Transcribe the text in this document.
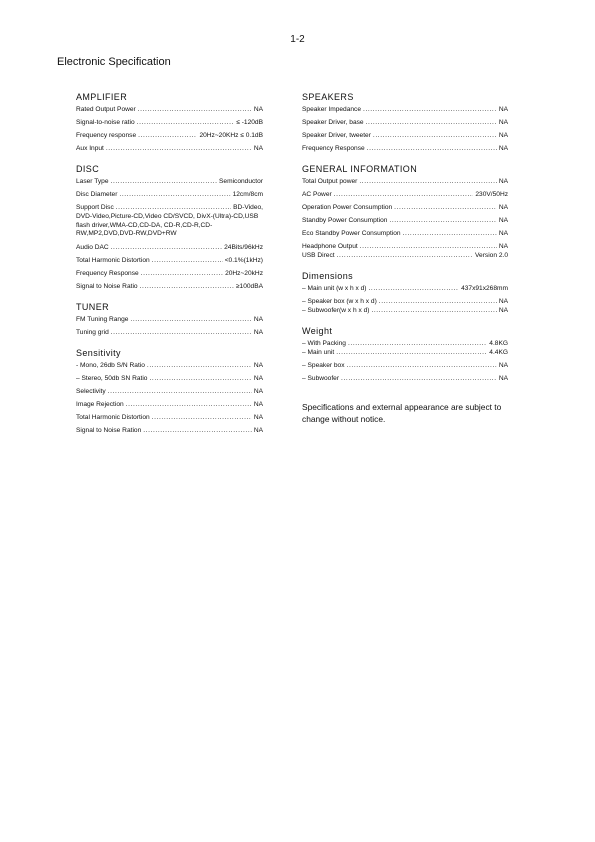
1-2
Electronic Specification
AMPLIFIER
Rated Output Power .....	NA
Signal-to-noise ratio .....	≤ -120dB
Frequency response .....	20Hz~20KHz ≤ 0.1dB
Aux Input .....	NA
DISC
Laser Type .....	Semiconductor
Disc Diameter .....	12cm/8cm
Support Disc .....	BD-Video,
DVD-Video,Picture-CD,Video CD/SVCD, DivX-(Ultra)-CD,USB flash driver,WMA-CD,CD-DA, CD-R,CD-R,CD-RW,MP2,DVD,DVD-RW,DVD+RW
Audio DAC .....	24Bits/96kHz
Total Harmonic Distortion .....	<0.1%(1kHz)
Frequency Response .....	20Hz~20kHz
Signal to Noise Ratio .....	≥100dBA
TUNER
FM Tuning Range .....	NA
Tuning grid .....	NA
Sensitivity
- Mono, 26db S/N Ratio .....	NA
– Stereo, 50db SN Ratio .....	NA
Selectivity .....	NA
Image Rejection .....	NA
Total Harmonic Distortion .....	NA
Signal to Noise Ration .....	NA
SPEAKERS
Speaker Impedance .....	NA
Speaker Driver, base .....	NA
Speaker Driver, tweeter .....	NA
Frequency Response .....	NA
GENERAL INFORMATION
Total Output power .....	NA
AC Power .....	230V/50Hz
Operation Power Consumption .....	NA
Standby Power Consumption .....	NA
Eco Standby Power Consumption .....	NA
Headphone Output .....	NA
USB Direct .....	Version 2.0
Dimensions
– Main unit (w x h x d) .....	437x91x268mm
– Speaker box (w x h x d) .....	NA
– Subwoofer(w x h x d) .....	NA
Weight
– With Packing .....	4.8KG
– Main unit .....	4.4KG
– Speaker box .....	NA
– Subwoofer .....	NA
Specifications and external appearance are subject to change without notice.
